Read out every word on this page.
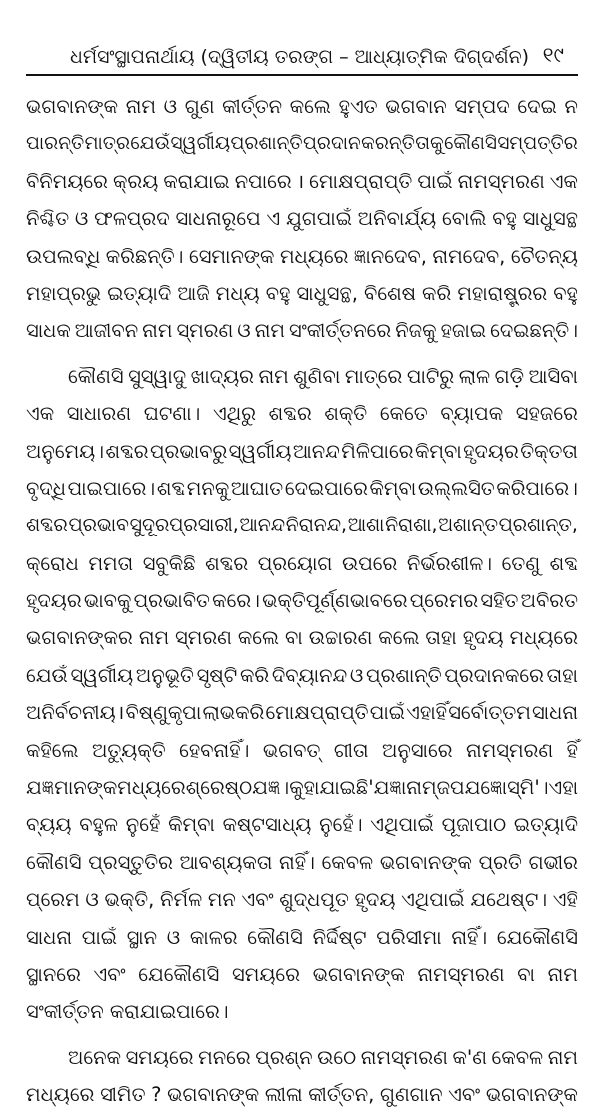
ଧର୍ମସଂସ୍ଥାପନାର୍ଥାୟ (ଦ୍ୱିତୀୟ ତରଙ୍ଗ – ଆଧ୍ୟାତ୍ମିକ ଦିଗ୍‌ଦର୍ଶନ) ୧୯
ଭଗବାନଙ୍କ ନାମ ଓ ଗୁଣ କୀର୍ତ୍ତନ କଲେ ହୁଏତ ଭଗବାନ ସମ୍ପଦ ଦେଇ ନ
ପାରନ୍ତି ମାତ୍ର ଯେଉଁ ସ୍ୱର୍ଗୀୟ ପ୍ରଶାନ୍ତି ପ୍ରଦାନ କରନ୍ତି ତାକୁ କୌଣସି ସମ୍ପତ୍ତିର
ବିନିମୟରେ କ୍ରୟ କରାଯାଇ ନପାରେ । ମୋକ୍ଷପ୍ରାପ୍ତି ପାଇଁ ନାମସ୍ମରଣ ଏକ
ନିଶ୍ଚିତ ଓ ଫଳପ୍ରଦ ସାଧନାରୂପେ ଏ ଯୁଗପାଇଁ ଅନିବାର୍ଯ୍ୟ ବୋଲି ବହୁ ସାଧୁସନ୍ଥ
ଉପଲବ୍ଧି କରିଛନ୍ତି। ସେମାନଙ୍କ ମଧ୍ୟରେ ଜ୍ଞାନଦେବ, ନାମଦେବ, ଚୈତନ୍ୟ
ମହାପ୍ରଭୁ ଇତ୍ୟାଦି ଆଜି ମଧ୍ୟ ବହୁ ସାଧୁସନ୍ଥ, ବିଶେଷ କରି ମହାରାଷ୍ଟ୍ରର ବହୁ
ସାଧକ ଆଜୀବନ ନାମ ସ୍ମରଣ ଓ ନାମ ସଂକୀର୍ତ୍ତନରେ ନିଜକୁ ହଜାଇ ଦେଇଛନ୍ତି।
କୌଣସି ସୁସ୍ୱାଦୁ ଖାଦ୍ୟର ନାମ ଶୁଣିବା ମାତ୍ରେ ପାଟିରୁ ଲାଳ ଗଡ଼ି ଆସିବା
ଏକ ସାଧାରଣ ଘଟଣା। ଏଥିରୁ ଶବ୍ଦର ଶକ୍ତି କେତେ ବ୍ୟାପକ ସହଜରେ
ଅନୁମେୟ। ଶବ୍ଦର ପ୍ରଭାବରୁ ସ୍ୱର୍ଗୀୟ ଆନନ୍ଦ ମିଳିପାରେ କିମ୍ବା ହୃଦୟର ତିକ୍ତତା
ବୃଦ୍ଧି ପାଇପାରେ। ଶବ୍ଦ ମନକୁ ଆଘାତ ଦେଇପାରେ କିମ୍ବା ଉଲ୍ଲସିତ କରିପାରେ।
ଶବ୍ଦର ପ୍ରଭାବ ସୁଦୂରପ୍ରସାରୀ, ଆନନ୍ଦ ନିରାନନ୍ଦ, ଆଶା ନିରାଶା, ଅଶାନ୍ତ ପ୍ରଶାନ୍ତ,
କ୍ରୋଧ ମମତା ସବୁକିଛି ଶବ୍ଦର ପ୍ରୟୋଗ ଉପରେ ନିର୍ଭରଶୀଳ। ତେଣୁ ଶବ୍ଦ
ହୃଦୟର ଭାବକୁ ପ୍ରଭାବିତ କରେ। ଭକ୍ତିପୂର୍ଣ୍ଣଭାବରେ ପ୍ରେମର ସହିତ ଅବିରତ
ଭଗବାନଙ୍କର ନାମ ସ୍ମରଣ କଲେ ବା ଉଚ୍ଚାରଣ କଲେ ତାହା ହୃଦୟ ମଧ୍ୟରେ
ଯେଉଁ ସ୍ୱର୍ଗୀୟ ଅନୁଭୂତି ସୃଷ୍ଟି କରି ଦିବ୍ୟାନନ୍ଦ ଓ ପ୍ରଶାନ୍ତି ପ୍ରଦାନକରେ ତାହା
ଅନିର୍ବଚନୀୟ । ବିଷ୍ଣୁକୃପା ଲାଭକରି ମୋକ୍ଷପ୍ରାପ୍ତି ପାଇଁ ଏହାହିଁ ସର୍ବୋତ୍ତମ ସାଧନା
କହିଲେ ଅତ୍ୟୁକ୍ତି ହେବନାହିଁ। ଭଗବତ୍ ଗୀତା ଅନୁସାରେ ନାମସ୍ମରଣ ହିଁ
ଯଜ୍ଞମାନଙ୍କ ମଧ୍ୟରେ ଶ୍ରେଷ୍ଠଯଜ୍ଞ। କୁହାଯାଇଛି 'ଯଜ୍ଞାନାମ୍ ଜପ ଯଜ୍ଞୋସ୍ମି'। ଏହା
ବ୍ୟୟ ବହୁଳ ନୁହେଁ କିମ୍ବା କଷ୍ଟସାଧ୍ୟ ନୁହେଁ। ଏଥିପାଇଁ ପୂଜାପାଠ ଇତ୍ୟାଦି
କୌଣସି ପ୍ରସ୍ତୁତିର ଆବଶ୍ୟକତା ନାହିଁ। କେବଳ ଭଗବାନଙ୍କ ପ୍ରତି ଗଭୀର
ପ୍ରେମ ଓ ଭକ୍ତି, ନିର୍ମଳ ମନ ଏବଂ ଶୁଦ୍ଧପୂତ ହୃଦୟ ଏଥିପାଇଁ ଯଥେଷ୍ଟ। ଏହି
ସାଧନା ପାଇଁ ସ୍ଥାନ ଓ କାଳର କୌଣସି ନିର୍ଦ୍ଦିଷ୍ଟ ପରିସୀମା ନାହିଁ। ଯେକୌଣସି
ସ୍ଥାନରେ ଏବଂ ଯେକୌଣସି ସମୟରେ ଭଗବାନଙ୍କ ନାମସ୍ମରଣ ବା ନାମ
ସଂକୀର୍ତ୍ତନ କରାଯାଇପାରେ।
ଅନେକ ସମୟରେ ମନରେ ପ୍ରଶ୍ନ ଉଠେ ନାମସ୍ମରଣ କ'ଣ କେବଳ ନାମ
ମଧ୍ୟରେ ସୀମିତ ? ଭଗବାନଙ୍କ ଲୀଳା କୀର୍ତ୍ତନ, ଗୁଣଗାନ ଏବଂ ଭଗବାନଙ୍କ
